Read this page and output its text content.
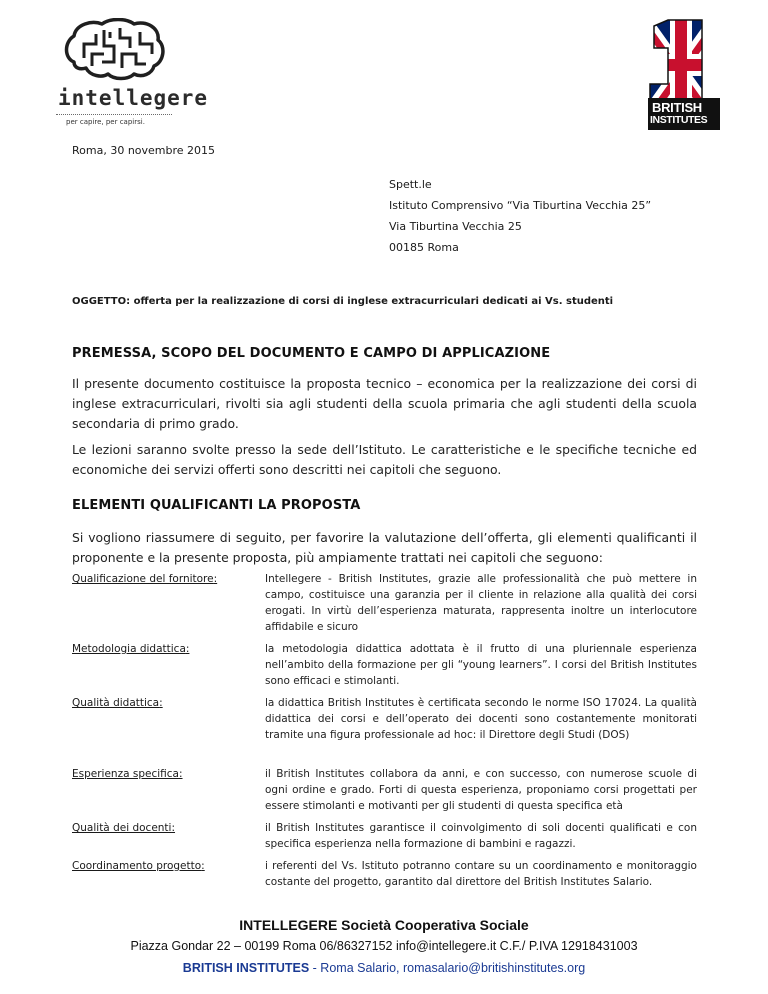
intellegere
per capire, per capirsi.
BRITISH
INSTITUTES
Roma, 30 novembre 2015
Spett.le
Istituto Comprensivo “Via Tiburtina Vecchia 25”
Via Tiburtina Vecchia 25
00185 Roma
OGGETTO: offerta per la realizzazione di corsi di inglese extracurriculari dedicati ai Vs. studenti
PREMESSA, SCOPO DEL DOCUMENTO E CAMPO DI APPLICAZIONE

Il presente documento costituisce la proposta tecnico – economica per la realizzazione dei corsi di inglese extracurriculari, rivolti sia agli studenti della scuola primaria che agli studenti della scuola secondaria di primo grado.

Le lezioni saranno svolte presso la sede dell’Istituto. Le caratteristiche e le specifiche tecniche ed economiche dei servizi offerti sono descritti nei capitoli che seguono.

ELEMENTI QUALIFICANTI LA PROPOSTA

Si vogliono riassumere di seguito, per favorire la valutazione dell’offerta, gli elementi qualificanti il proponente e la presente proposta, più ampiamente trattati nei capitoli che seguono:

Qualificazione del fornitore:	Intellegere - British Institutes, grazie alle professionalità che può mettere in campo, costituisce una garanzia per il cliente in relazione alla qualità dei corsi erogati. In virtù dell’esperienza maturata, rappresenta inoltre un interlocutore affidabile e sicuro

Metodologia didattica:	la metodologia didattica adottata è il frutto di una pluriennale esperienza nell’ambito della formazione per gli “young learners”. I corsi del British Institutes sono efficaci e stimolanti.

Qualità didattica:	la didattica British Institutes è certificata secondo le norme ISO 17024. La qualità didattica dei corsi e dell’operato dei docenti sono costantemente monitorati tramite una figura professionale ad hoc: il Direttore degli Studi (DOS)

Esperienza specifica:	il British Institutes collabora da anni, e con successo, con numerose scuole di ogni ordine e grado. Forti di questa esperienza, proponiamo corsi progettati per essere stimolanti e motivanti per gli studenti di questa specifica età

Qualità dei docenti:	il British Institutes garantisce il coinvolgimento di soli docenti qualificati e con specifica esperienza nella formazione di bambini e ragazzi.

Coordinamento progetto:	i referenti del Vs. Istituto potranno contare su un coordinamento e monitoraggio costante del progetto, garantito dal direttore del British Institutes Salario.

INTELLEGERE Società Cooperativa Sociale
Piazza Gondar 22 – 00199 Roma 06/86327152 info@intellegere.it C.F./ P.IVA 12918431003
BRITISH INSTITUTES - Roma Salario, romasalario@britishinstitutes.org
